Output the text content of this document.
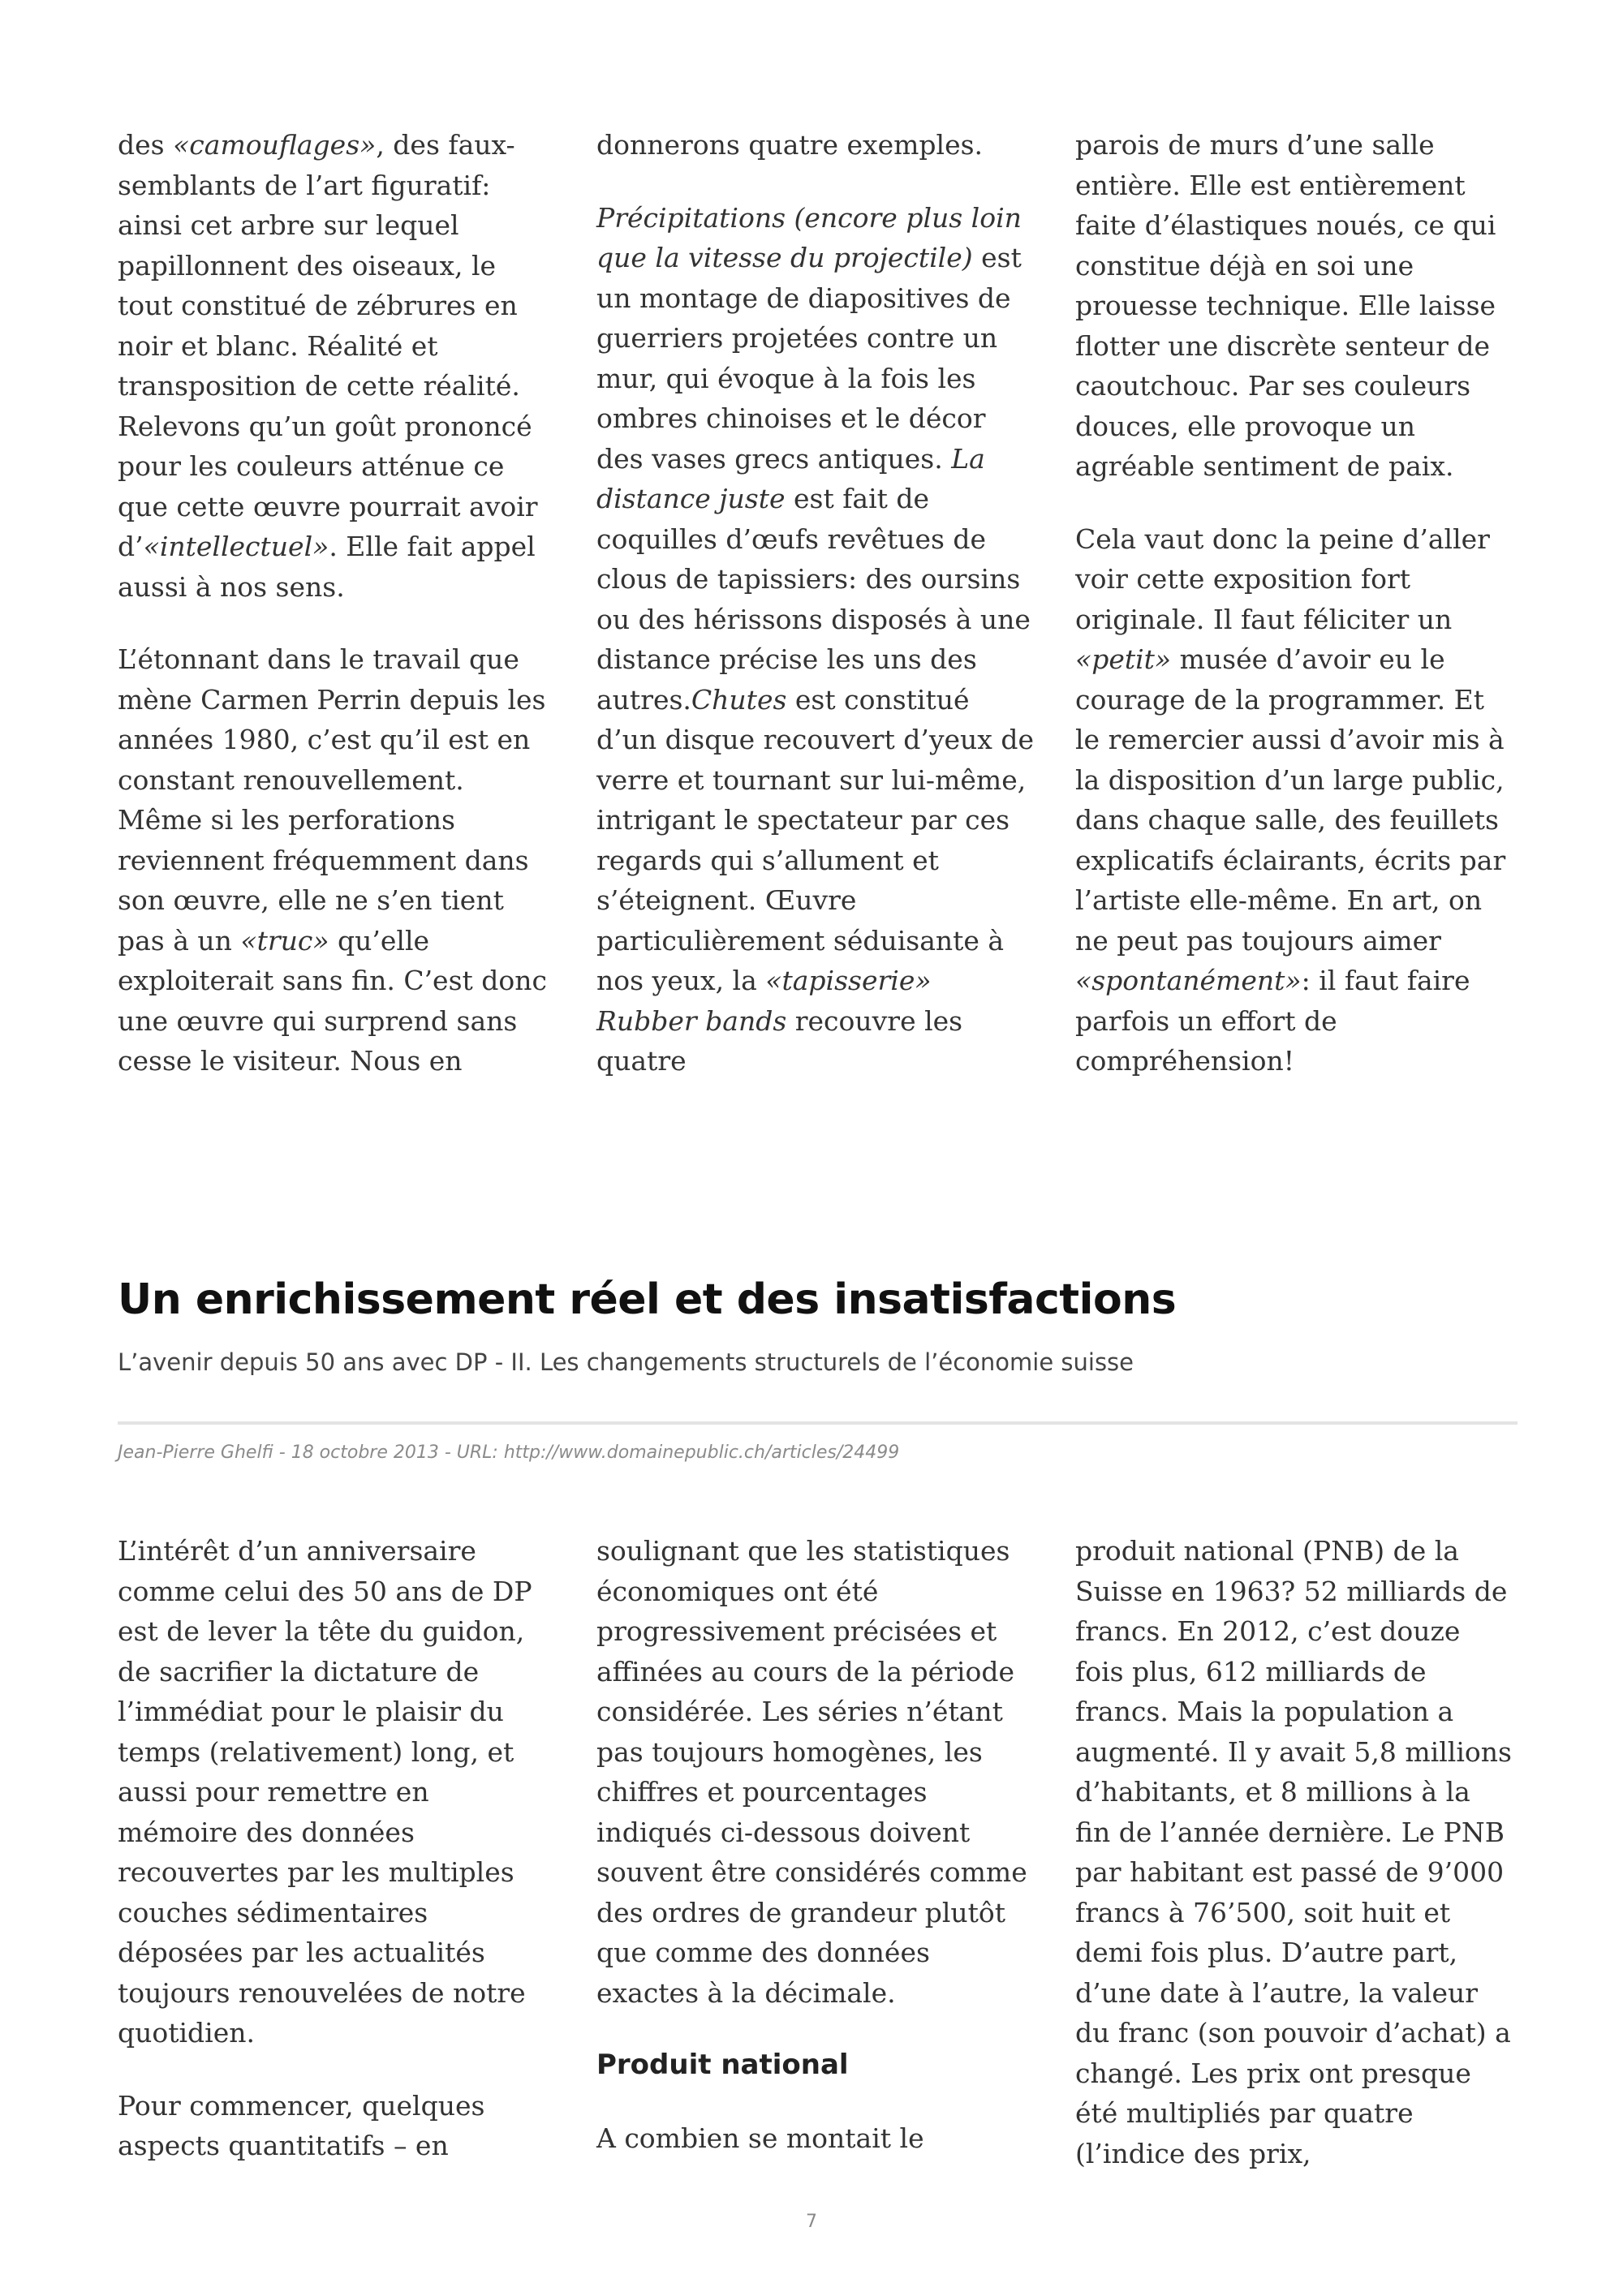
des «camouflages», des faux-semblants de l’art figuratif: ainsi cet arbre sur lequel papillonnent des oiseaux, le tout constitué de zébrures en noir et blanc. Réalité et transposition de cette réalité. Relevons qu’un goût prononcé pour les couleurs atténue ce que cette œuvre pourrait avoir d’«intellectuel». Elle fait appel aussi à nos sens.

L’étonnant dans le travail que mène Carmen Perrin depuis les années 1980, c’est qu’il est en constant renouvellement. Même si les perforations reviennent fréquemment dans son œuvre, elle ne s’en tient pas à un «truc» qu’elle exploiterait sans fin. C’est donc une œuvre qui surprend sans cesse le visiteur. Nous en

donnerons quatre exemples.

Précipitations (encore plus loin que la vitesse du projectile) est un montage de diapositives de guerriers projetées contre un mur, qui évoque à la fois les ombres chinoises et le décor des vases grecs antiques. La distance juste est fait de coquilles d’œufs revêtues de clous de tapissiers: des oursins ou des hérissons disposés à une distance précise les uns des autres.Chutes est constitué d’un disque recouvert d’yeux de verre et tournant sur lui-même, intrigant le spectateur par ces regards qui s’allument et s’éteignent. Œuvre particulièrement séduisante à nos yeux, la «tapisserie» Rubber bands recouvre les quatre

parois de murs d’une salle entière. Elle est entièrement faite d’élastiques noués, ce qui constitue déjà en soi une prouesse technique. Elle laisse flotter une discrète senteur de caoutchouc. Par ses couleurs douces, elle provoque un agréable sentiment de paix.

Cela vaut donc la peine d’aller voir cette exposition fort originale. Il faut féliciter un «petit» musée d’avoir eu le courage de la programmer. Et le remercier aussi d’avoir mis à la disposition d’un large public, dans chaque salle, des feuillets explicatifs éclairants, écrits par l’artiste elle-même. En art, on ne peut pas toujours aimer «spontanément»: il faut faire parfois un effort de compréhension!

Un enrichissement réel et des insatisfactions
L’avenir depuis 50 ans avec DP - II. Les changements structurels de l’économie suisse

Jean-Pierre Ghelfi - 18 octobre 2013 - URL: http://www.domainepublic.ch/articles/24499

L’intérêt d’un anniversaire comme celui des 50 ans de DP est de lever la tête du guidon, de sacrifier la dictature de l’immédiat pour le plaisir du temps (relativement) long, et aussi pour remettre en mémoire des données recouvertes par les multiples couches sédimentaires déposées par les actualités toujours renouvelées de notre quotidien.

Pour commencer, quelques aspects quantitatifs – en

soulignant que les statistiques économiques ont été progressivement précisées et affinées au cours de la période considérée. Les séries n’étant pas toujours homogènes, les chiffres et pourcentages indiqués ci-dessous doivent souvent être considérés comme des ordres de grandeur plutôt que comme des données exactes à la décimale.

Produit national

A combien se montait le

produit national (PNB) de la Suisse en 1963? 52 milliards de francs. En 2012, c’est douze fois plus, 612 milliards de francs. Mais la population a augmenté. Il y avait 5,8 millions d’habitants, et 8 millions à la fin de l’année dernière. Le PNB par habitant est passé de 9’000 francs à 76’500, soit huit et demi fois plus. D’autre part, d’une date à l’autre, la valeur du franc (son pouvoir d’achat) a changé. Les prix ont presque été multipliés par quatre (l’indice des prix,

7
